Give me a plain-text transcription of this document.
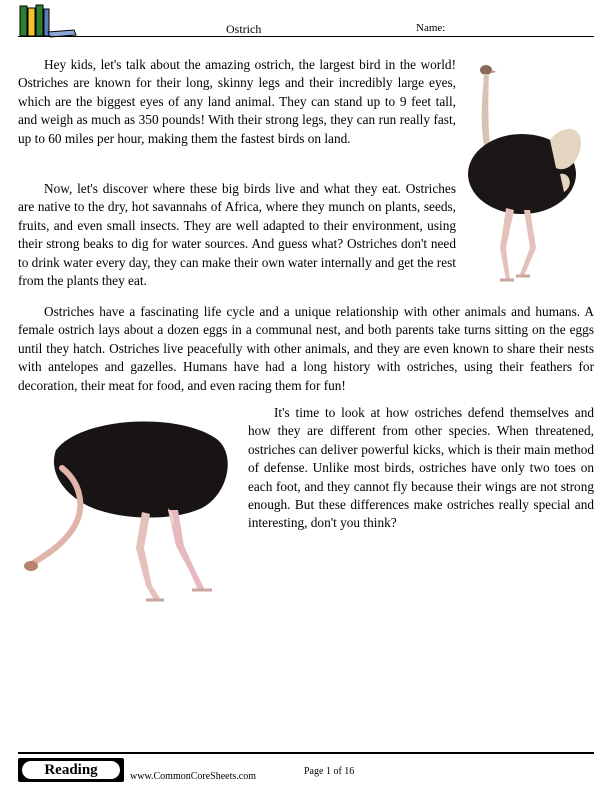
Ostrich	Name:

Hey kids, let's talk about the amazing ostrich, the largest bird in the world! Ostriches are known for their long, skinny legs and their incredibly large eyes, which are the biggest eyes of any land animal. They can stand up to 9 feet tall, and weigh as much as 350 pounds! With their strong legs, they can run really fast, up to 60 miles per hour, making them the fastest birds on land.

Now, let's discover where these big birds live and what they eat. Ostriches are native to the dry, hot savannahs of Africa, where they munch on plants, seeds, fruits, and even small insects. They are well adapted to their environment, using their strong beaks to dig for water sources. And guess what? Ostriches don't need to drink water every day, they can make their own water internally and get the rest from the plants they eat.

Ostriches have a fascinating life cycle and a unique relationship with other animals and humans. A female ostrich lays about a dozen eggs in a communal nest, and both parents take turns sitting on the eggs until they hatch. Ostriches live peacefully with other animals, and they are even known to share their nests with antelopes and gazelles. Humans have had a long history with ostriches, using their feathers for decoration, their meat for food, and even racing them for fun!

It's time to look at how ostriches defend themselves and how they are different from other species. When threatened, ostriches can deliver powerful kicks, which is their main method of defense. Unlike most birds, ostriches have only two toes on each foot, and they cannot fly because their wings are not strong enough. But these differences make ostriches really special and interesting, don't you think?

Reading	www.CommonCoreSheets.com	Page 1 of 16
